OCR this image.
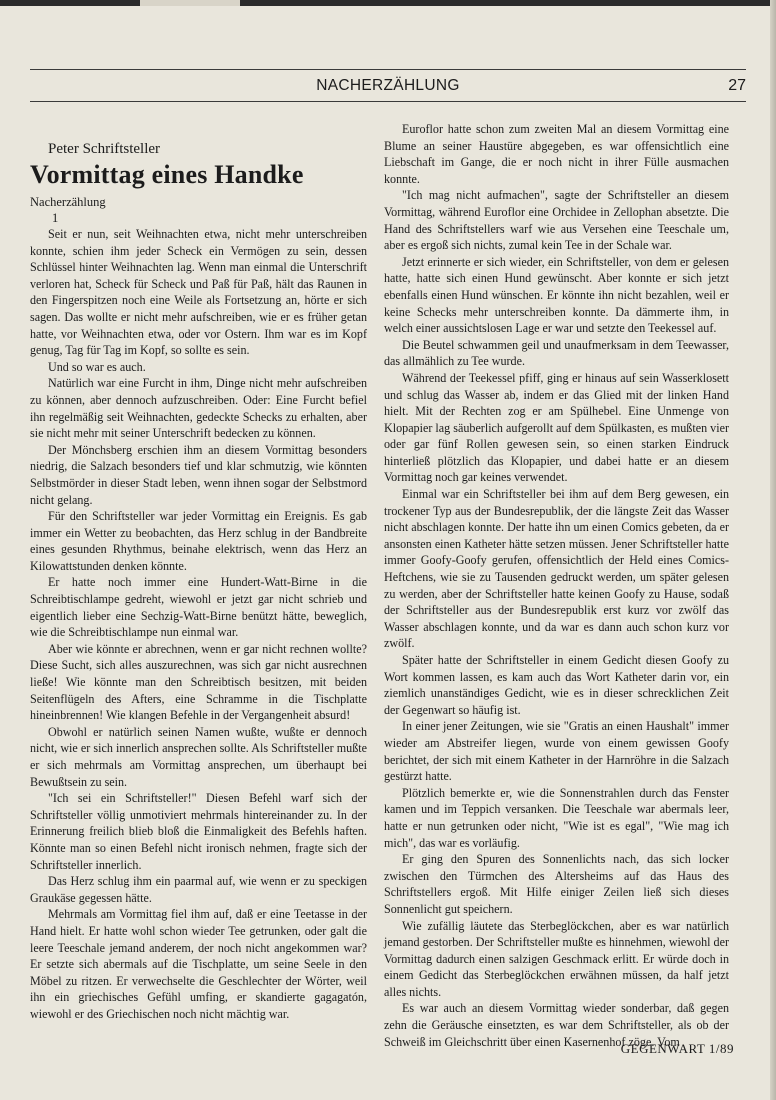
NACHERZÄHLUNG	27

Peter Schriftsteller

Vormittag eines Handke

Nacherzählung

1

Seit er nun, seit Weihnachten etwa, nicht mehr unterschreiben konnte, schien ihm jeder Scheck ein Vermögen zu sein, dessen Schlüssel hinter Weihnachten lag. Wenn man einmal die Unterschrift verloren hat, Scheck für Scheck und Paß für Paß, hält das Raunen in den Fingerspitzen noch eine Weile als Fortsetzung an, hörte er sich sagen. Das wollte er nicht mehr aufschreiben, wie er es früher getan hatte, vor Weihnachten etwa, oder vor Ostern. Ihm war es im Kopf genug, Tag für Tag im Kopf, so sollte es sein.

Und so war es auch.

Natürlich war eine Furcht in ihm, Dinge nicht mehr aufschreiben zu können, aber dennoch aufzuschreiben. Oder: Eine Furcht befiel ihn regelmäßig seit Weihnachten, gedeckte Schecks zu erhalten, aber sie nicht mehr mit seiner Unterschrift bedecken zu können.

Der Mönchsberg erschien ihm an diesem Vormittag besonders niedrig, die Salzach besonders tief und klar schmutzig, wie könnten Selbstmörder in dieser Stadt leben, wenn ihnen sogar der Selbstmord nicht gelang.

Für den Schriftsteller war jeder Vormittag ein Ereignis. Es gab immer ein Wetter zu beobachten, das Herz schlug in der Bandbreite eines gesunden Rhythmus, beinahe elektrisch, wenn das Herz an Kilowattstunden denken könnte.

Er hatte noch immer eine Hundert-Watt-Birne in die Schreibtischlampe gedreht, wiewohl er jetzt gar nicht schrieb und eigentlich lieber eine Sechzig-Watt-Birne benützt hätte, beweglich, wie die Schreibtischlampe nun einmal war.

Aber wie könnte er abrechnen, wenn er gar nicht rechnen wollte? Diese Sucht, sich alles auszurechnen, was sich gar nicht ausrechnen ließe! Wie könnte man den Schreibtisch besitzen, mit beiden Seitenflügeln des Afters, eine Schramme in die Tischplatte hineinbrennen! Wie klangen Befehle in der Vergangenheit absurd!

Obwohl er natürlich seinen Namen wußte, wußte er dennoch nicht, wie er sich innerlich ansprechen sollte. Als Schriftsteller mußte er sich mehrmals am Vormittag ansprechen, um überhaupt bei Bewußtsein zu sein.

"Ich sei ein Schriftsteller!" Diesen Befehl warf sich der Schriftsteller völlig unmotiviert mehrmals hintereinander zu. In der Erinnerung freilich blieb bloß die Einmaligkeit des Befehls haften. Könnte man so einen Befehl nicht ironisch nehmen, fragte sich der Schriftsteller innerlich.

Das Herz schlug ihm ein paarmal auf, wie wenn er zu speckigen Graukäse gegessen hätte.

Mehrmals am Vormittag fiel ihm auf, daß er eine Teetasse in der Hand hielt. Er hatte wohl schon wieder Tee getrunken, oder galt die leere Teeschale jemand anderem, der noch nicht angekommen war? Er setzte sich abermals auf die Tischplatte, um seine Seele in den Möbel zu ritzen. Er verwechselte die Geschlechter der Wörter, weil ihn ein griechisches Gefühl umfing, er skandierte gagagatón, wiewohl er des Griechischen noch nicht mächtig war.

Euroflor hatte schon zum zweiten Mal an diesem Vormittag eine Blume an seiner Haustüre abgegeben, es war offensichtlich eine Liebschaft im Gange, die er noch nicht in ihrer Fülle ausmachen konnte.

"Ich mag nicht aufmachen", sagte der Schriftsteller an diesem Vormittag, während Euroflor eine Orchidee in Zellophan absetzte. Die Hand des Schriftstellers warf wie aus Versehen eine Teeschale um, aber es ergoß sich nichts, zumal kein Tee in der Schale war.

Jetzt erinnerte er sich wieder, ein Schriftsteller, von dem er gelesen hatte, hatte sich einen Hund gewünscht. Aber konnte er sich jetzt ebenfalls einen Hund wünschen. Er könnte ihn nicht bezahlen, weil er keine Schecks mehr unterschreiben konnte. Da dämmerte ihm, in welch einer aussichtslosen Lage er war und setzte den Teekessel auf.

Die Beutel schwammen geil und unaufmerksam in dem Teewasser, das allmählich zu Tee wurde.

Während der Teekessel pfiff, ging er hinaus auf sein Wasserklosett und schlug das Wasser ab, indem er das Glied mit der linken Hand hielt. Mit der Rechten zog er am Spülhebel. Eine Unmenge von Klopapier lag säuberlich aufgerollt auf dem Spülkasten, es mußten vier oder gar fünf Rollen gewesen sein, so einen starken Eindruck hinterließ plötzlich das Klopapier, und dabei hatte er an diesem Vormittag noch gar keines verwendet.

Einmal war ein Schriftsteller bei ihm auf dem Berg gewesen, ein trockener Typ aus der Bundesrepublik, der die längste Zeit das Wasser nicht abschlagen konnte. Der hatte ihn um einen Comics gebeten, da er ansonsten einen Katheter hätte setzen müssen. Jener Schriftsteller hatte immer Goofy-Goofy gerufen, offensichtlich der Held eines Comics-Heftchens, wie sie zu Tausenden gedruckt werden, um später gelesen zu werden, aber der Schriftsteller hatte keinen Goofy zu Hause, sodaß der Schriftsteller aus der Bundesrepublik erst kurz vor zwölf das Wasser abschlagen konnte, und da war es dann auch schon kurz vor zwölf.

Später hatte der Schriftsteller in einem Gedicht diesen Goofy zu Wort kommen lassen, es kam auch das Wort Katheter darin vor, ein ziemlich unanständiges Gedicht, wie es in dieser schrecklichen Zeit der Gegenwart so häufig ist.

In einer jener Zeitungen, wie sie "Gratis an einen Haushalt" immer wieder am Abstreifer liegen, wurde von einem gewissen Goofy berichtet, der sich mit einem Katheter in der Harnröhre in die Salzach gestürzt hatte.

Plötzlich bemerkte er, wie die Sonnenstrahlen durch das Fenster kamen und im Teppich versanken. Die Teeschale war abermals leer, hatte er nun getrunken oder nicht, "Wie ist es egal", "Wie mag ich mich", das war es vorläufig.

Er ging den Spuren des Sonnenlichts nach, das sich locker zwischen den Türmchen des Altersheims auf das Haus des Schriftstellers ergoß. Mit Hilfe einiger Zeilen ließ sich dieses Sonnenlicht gut speichern.

Wie zufällig läutete das Sterbeglöckchen, aber es war natürlich jemand gestorben. Der Schriftsteller mußte es hinnehmen, wiewohl der Vormittag dadurch einen salzigen Geschmack erlitt. Er würde doch in einem Gedicht das Sterbeglöckchen erwähnen müssen, da half jetzt alles nichts.

Es war auch an diesem Vormittag wieder sonderbar, daß gegen zehn die Geräusche einsetzten, es war dem Schriftsteller, als ob der Schweiß im Gleichschritt über einen Kasernenhof zöge. Vom

GEGENWART 1/89
